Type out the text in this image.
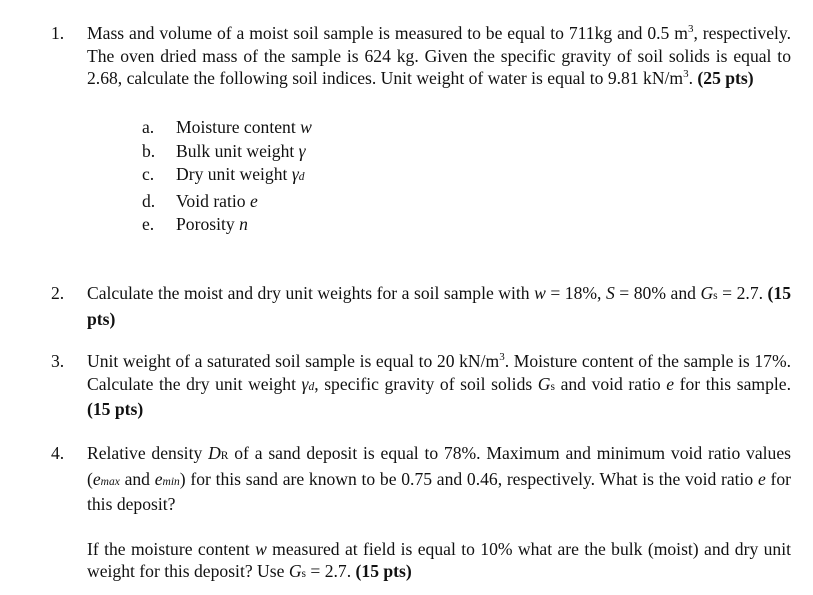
1.	Mass and volume of a moist soil sample is measured to be equal to 711kg and 0.5 $m^3$, respectively. The oven dried mass of the sample is 624 kg. Given the specific gravity of soil solids is equal to 2.68, calculate the following soil indices. Unit weight of water is equal to 9.81 $kN/m^3$. (25 pts)

a.	Moisture content w
b.	Bulk unit weight γ
c.	Dry unit weight γd
d.	Void ratio e
e.	Porosity n
2.	Calculate the moist and dry unit weights for a soil sample with w = 18%, S = 80% and Gs = 2.7. (15 pts)

3.	Unit weight of a saturated soil sample is equal to 20 $kN/m^3$. Moisture content of the sample is 17%. Calculate the dry unit weight γd, specific gravity of soil solids Gs and void ratio e for this sample. (15 pts)

4.	Relative density DR of a sand deposit is equal to 78%. Maximum and minimum void ratio values (emax and emin) for this sand are known to be 0.75 and 0.46, respectively. What is the void ratio e for this deposit?

If the moisture content w measured at field is equal to 10% what are the bulk (moist) and dry unit weight for this deposit? Use Gs = 2.7. (15 pts)
